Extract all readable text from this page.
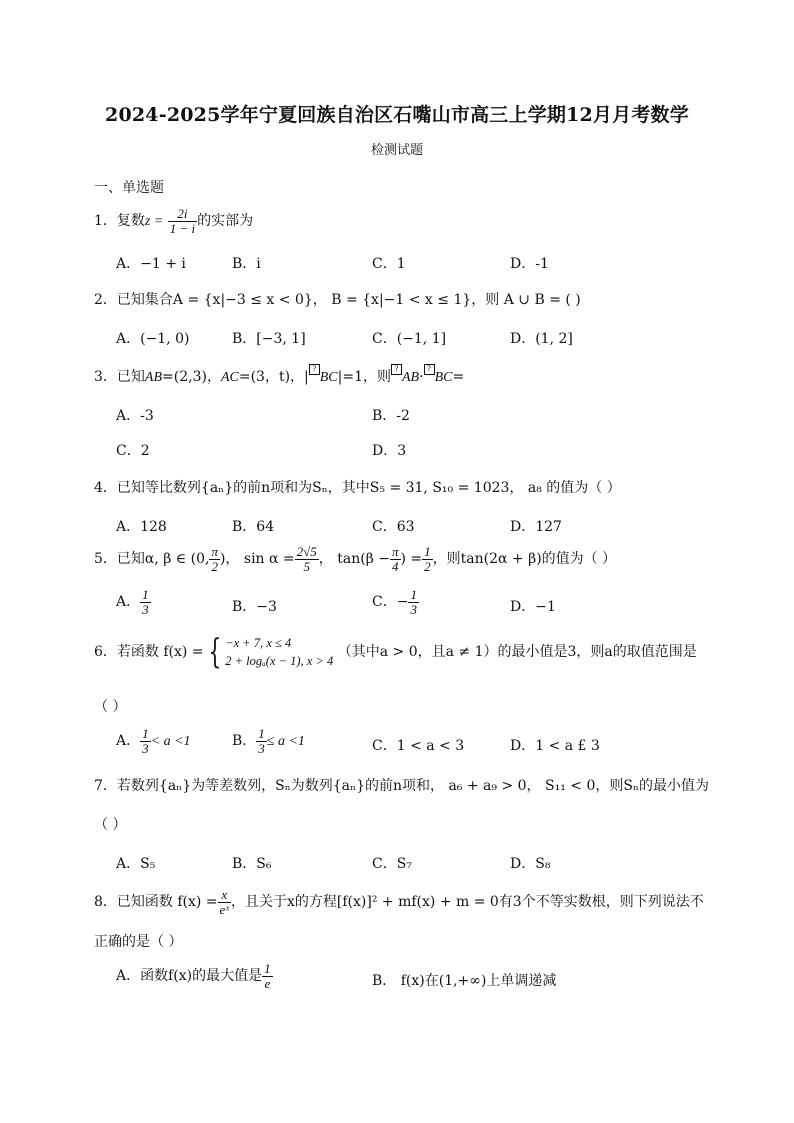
2024-2025学年宁夏回族自治区石嘴山市高三上学期12月月考数学
检测试题
一、单选题
1．复数$z = \frac{2i}{1 - i}$ 的实部为
A．−1 + i	B．i	C．1	D．-1
2．已知集合A = {x|−3 ≤ x < 0}， B = {x|−1 < x ≤ 1}，则 A ∪ B = ( )
A．(−1, 0)	B．[−3, 1]	C．(−1, 1]	D．(1, 2]
3．已知AB=(2,3)，AC=(3，t)，| ?BC|=1，则 ?AB· ?BC=
A．-3	B．-2
C．2	D．3
4．已知等比数列{aₙ}的前n项和为Sₙ，其中S₅ = 31, S₁₀ = 1023， a₈ 的值为（ ）
A．128	B．64	C．63	D．127
5．已知α, β ∈ (0, $\frac{\pi}{2}$ )， $\sin \alpha = \frac{2√5}{5}$ ， $\tan(\beta - \frac{\pi}{4}$ ) = $\frac{1}{2}$ ，则tan(2α + β)的值为（ ）
A． $\frac{1}{3}$	B．−3	C．− $\frac{1}{3}$	D．−1
6．若函数 f(x) = { −x + 7, x ≤ 4
2 + logₐ(x − 1), x > 4
（其中a > 0，且a ≠ 1）的最小值是3，则a的取值范围是
（ ）
A． $\frac{1}{3} < a <1$	B． $\frac{1}{3} \le a <1$	C．1 < a < 3	D．1 < a £ 3
7．若数列{aₙ}为等差数列，Sₙ为数列{aₙ}的前n项和， a₆ + a₉ > 0， S₁₁ < 0，则Sₙ的最小值为
（ ）
A．S₅	B．S₆	C．S₇	D．S₈
8．已知函数 $f(x) = \frac{x}{\text{eˣ}}$ ，且关于x的方程[f(x)]² + mf(x) + m = 0有3个不等实数根，则下列说法不
正确的是（ ）
A．函数f(x)的最大值是 $\frac{1}{e}$	B． f(x)在(1,+∞)上单调递减
